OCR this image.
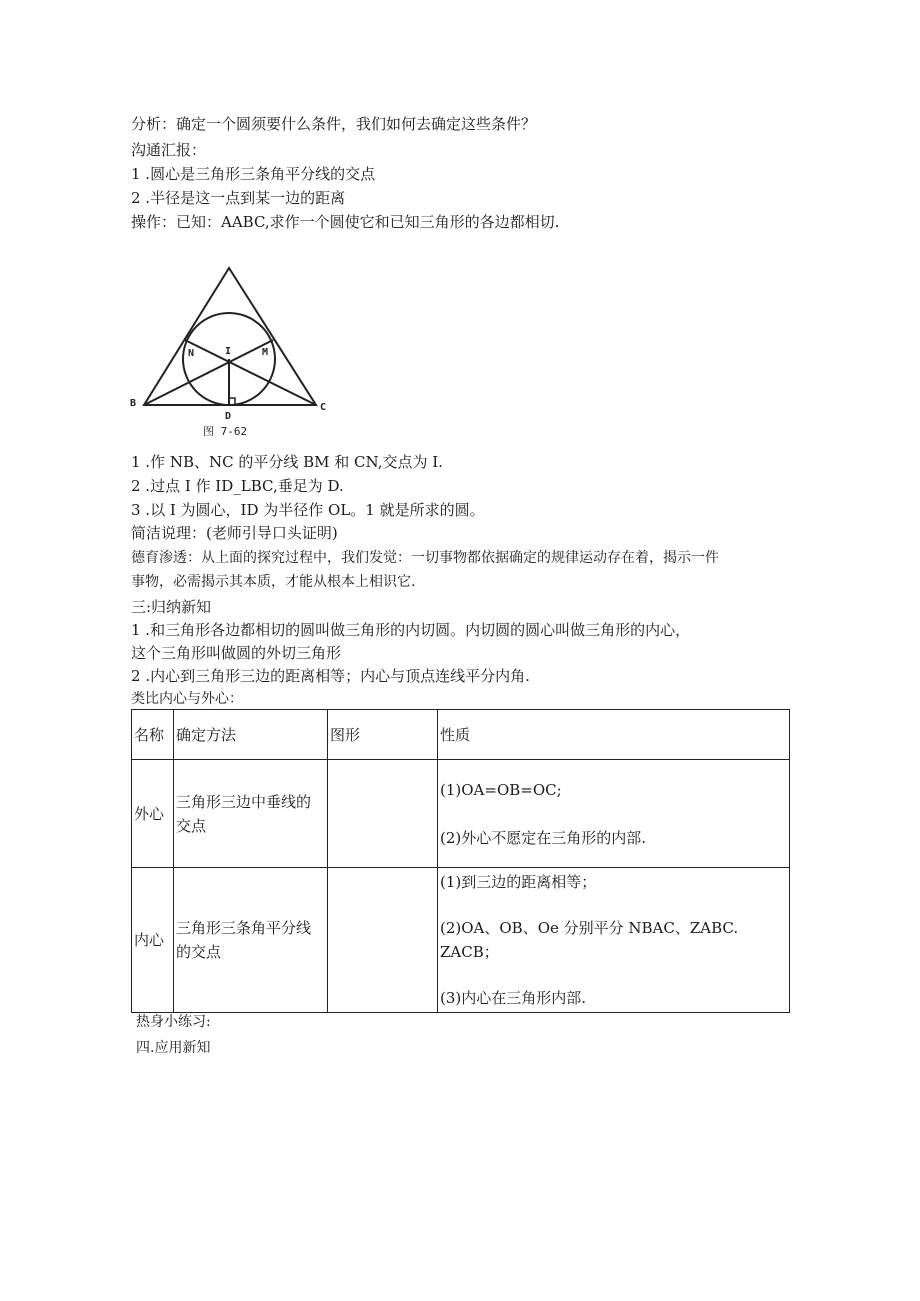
分析：确定一个圆须要什么条件，我们如何去确定这些条件？
沟通汇报：
1 .圆心是三角形三条角平分线的交点
2 .半径是这一点到某一边的距离
操作：已知：AABC,求作一个圆使它和已知三角形的各边都相切.
B	C
D
I
N	M
图 7-62
1 .作 NB、NC 的平分线 BM 和 CN,交点为 I.
2 .过点 I 作 ID_LBC,垂足为 D.
3 .以 I 为圆心，ID 为半径作 OL。1 就是所求的圆。
简洁说理：(老师引导口头证明)
德育渗透：从上面的探究过程中，我们发觉：一切事物都依据确定的规律运动存在着，揭示一件
事物，必需揭示其本质，才能从根本上相识它.
三:归纳新知
1 .和三角形各边都相切的圆叫做三角形的内切圆。内切圆的圆心叫做三角形的内心，
这个三角形叫做圆的外切三角形
2 .内心到三角形三边的距离相等；内心与顶点连线平分内角.
类比内心与外心：
名称	确定方法	图形	性质
外心	三角形三边中垂线的交点		(1)OA=OB=OC;
(2)外心不愿定在三角形的内部.

内心	三角形三条角平分线的交点		(1)到三边的距离相等；
(2)OA、OB、Oe 分别平分 NBAC、ZABC.
ZACB；
(3)内心在三角形内部.
热身小练习:
四.应用新知
